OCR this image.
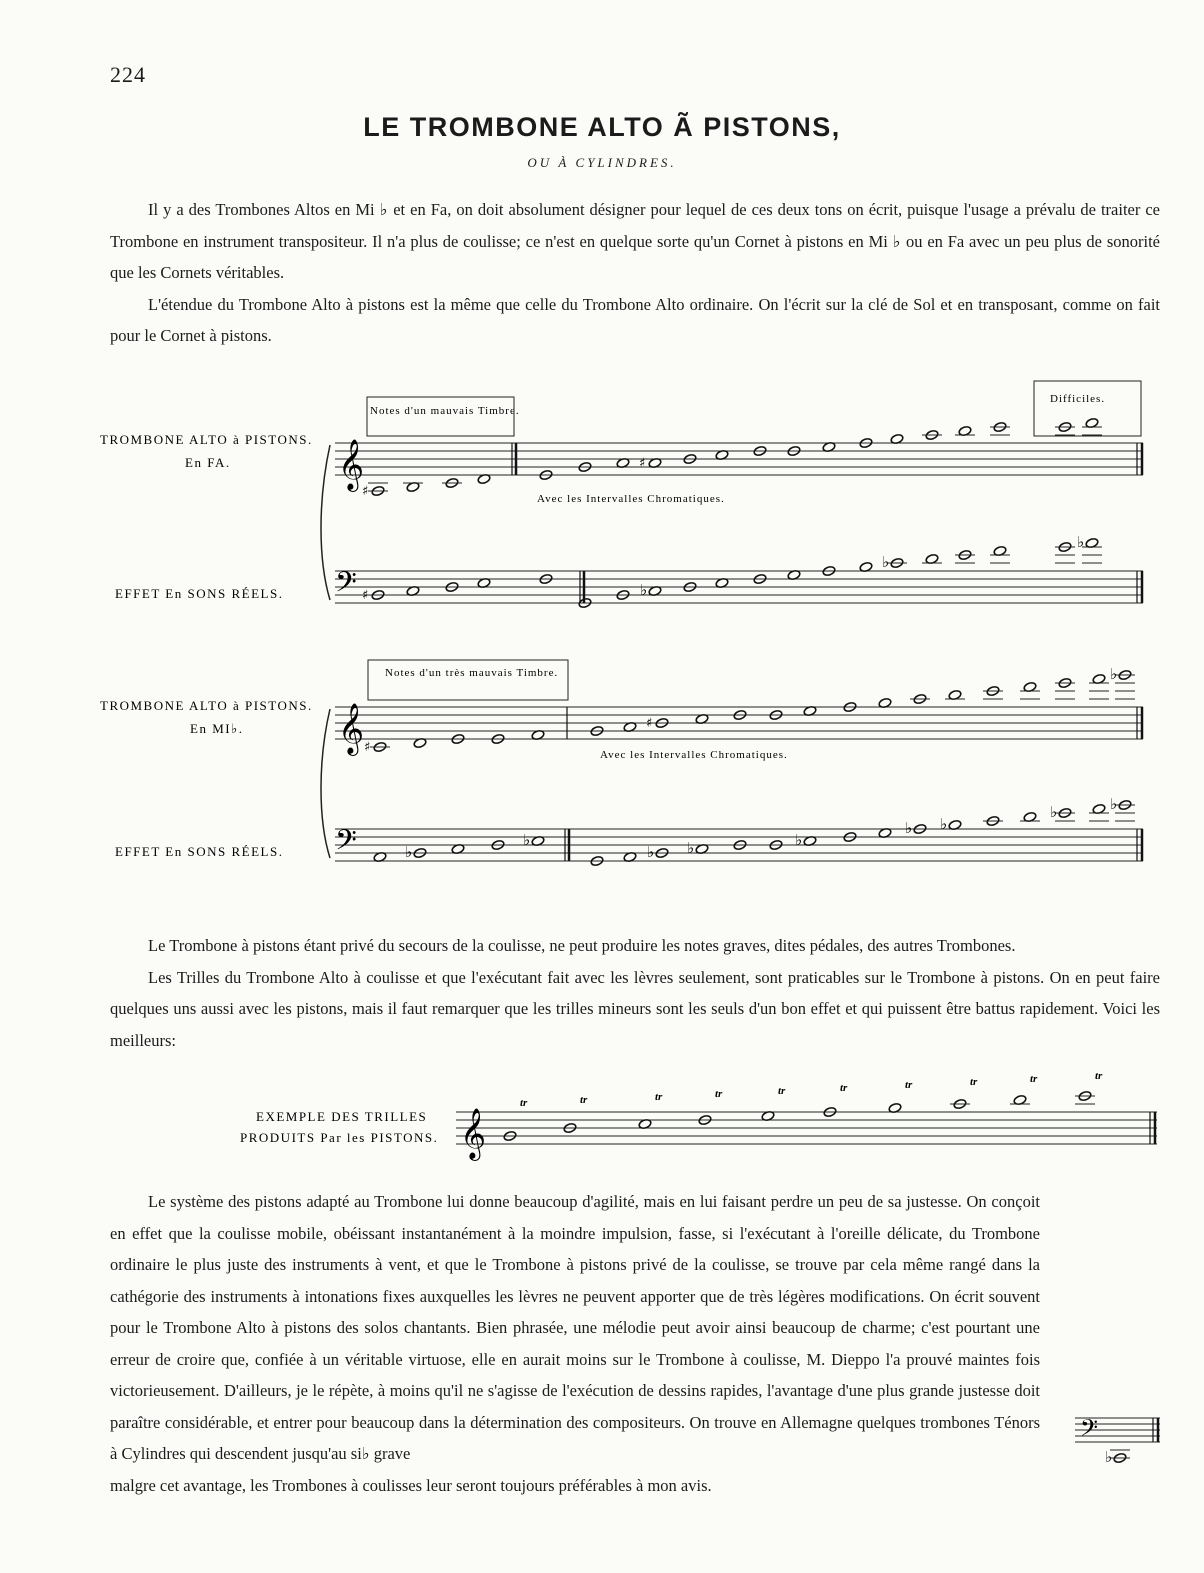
224
LE TROMBONE ALTO Ã PISTONS,
OU À CYLINDRES.

Il y a des Trombones Altos en Mi ♭ et en Fa, on doit absolument désigner pour lequel de ces deux tons on écrit, puisque l'usage a prévalu de traiter ce Trombone en instrument transpositeur. Il n'a plus de coulisse; ce n'est en quelque sorte qu'un Cornet à pistons en Mi ♭ ou en Fa avec un peu plus de sonorité que les Cornets véritables.

L'étendue du Trombone Alto à pistons est la même que celle du Trombone Alto ordinaire. On l'écrit sur la clé de Sol et en transposant, comme on fait pour le Cornet à pistons.

Le Trombone à pistons étant privé du secours de la coulisse, ne peut produire les notes graves, dites pédales, des autres Trombones.

Les Trilles du Trombone Alto à coulisse et que l'exécutant fait avec les lèvres seulement, sont praticables sur le Trombone à pistons. On en peut faire quelques uns aussi avec les pistons, mais il faut remarquer que les trilles mineurs sont les seuls d'un bon effet et qui puissent être battus rapidement. Voici les meilleurs:

Le système des pistons adapté au Trombone lui donne beaucoup d'agilité, mais en lui faisant perdre un peu de sa justesse. On conçoit en effet que la coulisse mobile, obéissant instantanément à la moindre impulsion, fasse, si l'exécutant à l'oreille délicate, du Trombone ordinaire le plus juste des instruments à vent, et que le Trombone à pistons privé de la coulisse, se trouve par cela même rangé dans la cathégorie des instruments à intonations fixes auxquelles les lèvres ne peuvent apporter que de très légères modifications. On écrit souvent pour le Trombone Alto à pistons des solos chantants. Bien phrasée, une mélodie peut avoir ainsi beaucoup de charme; c'est pourtant une erreur de croire que, confiée à un véritable virtuose, elle en aurait moins sur le Trombone à coulisse, M. Dieppo l'a prouvé maintes fois victorieusement. D'ailleurs, je le répète, à moins qu'il ne s'agisse de l'exécution de dessins rapides, l'avantage d'une plus grande justesse doit paraître considérable, et entrer pour beaucoup dans la détermination des compositeurs. On trouve en Allemagne quelques trombones Ténors à Cylindres qui descendent jusqu'au si♭ grave

malgre cet avantage, les Trombones à coulisses leur seront toujours préférables à mon avis.

TROMBONE ALTO à PISTONS.
En FA.
EFFET En SONS RÉELS.
Notes d'un mauvais Timbre.
Difficiles.
Avec les Intervalles Chromatiques.
𝄞
♯
♯
𝄢 ♯	♭
♭
♭
TROMBONE ALTO à PISTONS.
En MI♭.
EFFET En SONS RÉELS.
Notes d'un très mauvais Timbre.
Avec les Intervalles Chromatiques.
𝄞 ♯
♯
♭
𝄢	♭
♭
♭ ♭	♭
♭ ♭
♭	♭
EXEMPLE DES TRILLES
PRODUITS Par les PISTONS. 𝄞
tr	tr	tr	tr	tr	tr	tr	tr	tr	tr
𝄢
♭
